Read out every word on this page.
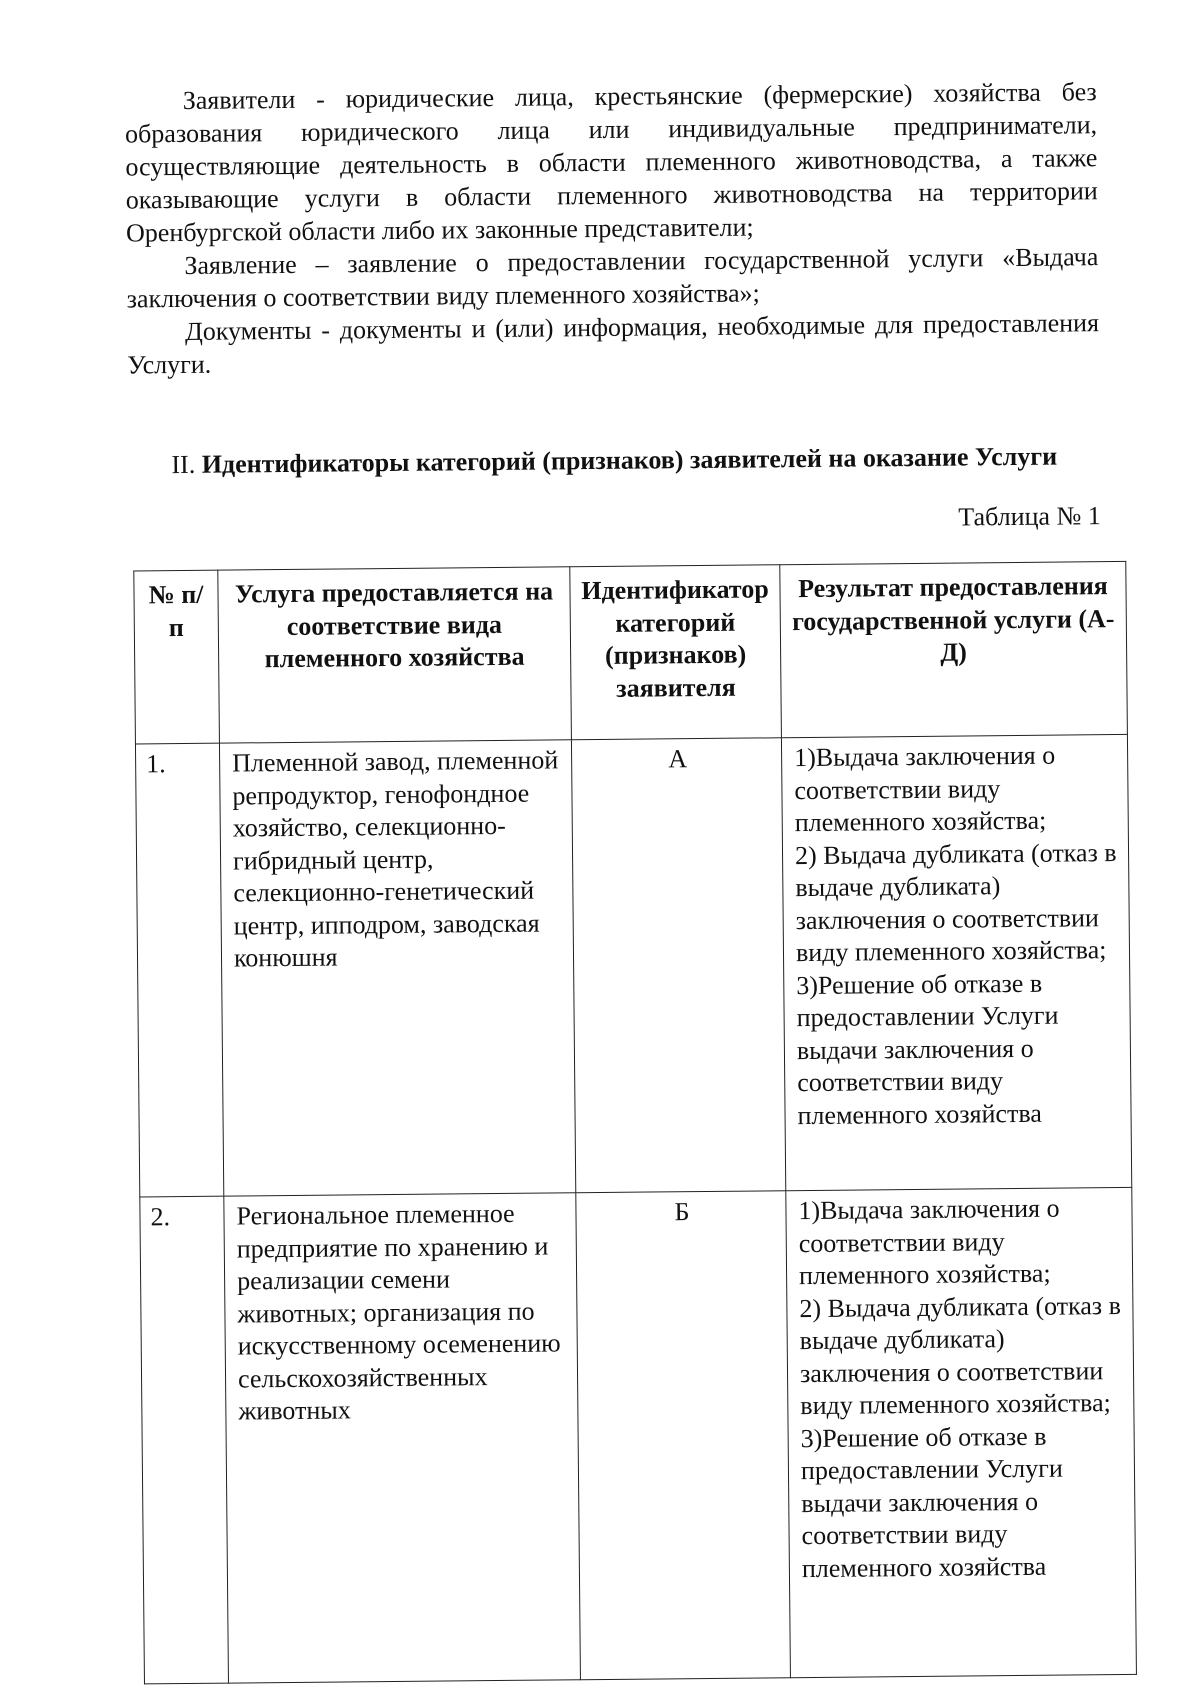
Заявители - юридические лица, крестьянские (фермерские) хозяйства без образования юридического лица или индивидуальные предприниматели, осуществляющие деятельность в области племенного животноводства, а также оказывающие услуги в области племенного животноводства на территории Оренбургской области либо их законные представители;

Заявление – заявление о предоставлении государственной услуги «Выдача заключения о соответствии виду племенного хозяйства»;

Документы - документы и (или) информация, необходимые для предоставления Услуги.

II. Идентификаторы категорий (признаков) заявителей на оказание Услуги
Таблица № 1
№ п/п	Услуга предоставляется на соответствие вида племенного хозяйства	Идентификатор категорий (признаков) заявителя	Результат предоставления государственной услуги (А-Д)
1.	Племенной завод, племенной репродуктор, генофондное хозяйство, селекционно-гибридный центр, селекционно-генетический центр, ипподром, заводская конюшня	А	1)Выдача заключения о соответствии виду племенного хозяйства;
2) Выдача дубликата (отказ в выдаче дубликата) заключения о соответствии виду племенного хозяйства;
3)Решение об отказе в предоставлении Услуги выдачи заключения о соответствии виду племенного хозяйства

2.	Региональное племенное предприятие по хранению и реализации семени животных; организация по искусственному осеменению сельскохозяйственных животных	Б	1)Выдача заключения о соответствии виду племенного хозяйства;
2) Выдача дубликата (отказ в выдаче дубликата) заключения о соответствии виду племенного хозяйства;
3)Решение об отказе в предоставлении Услуги выдачи заключения о соответствии виду племенного хозяйства
